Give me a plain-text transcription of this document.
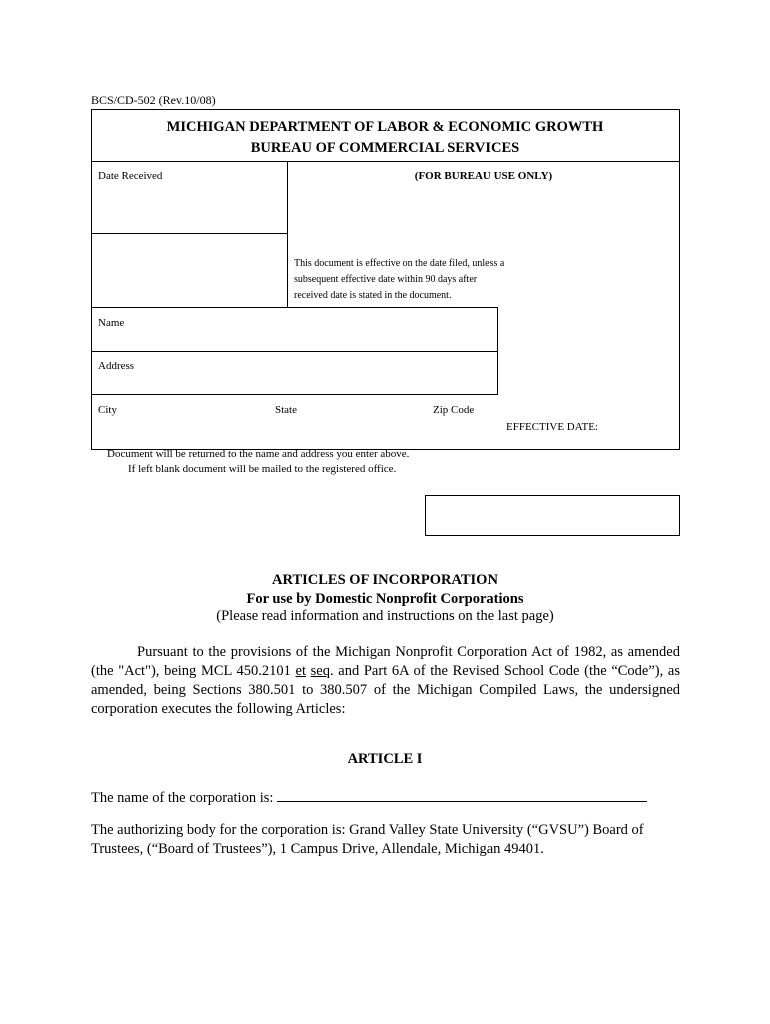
BCS/CD-502 (Rev.10/08)
MICHIGAN DEPARTMENT OF LABOR & ECONOMIC GROWTH
BUREAU OF COMMERCIAL SERVICES
Date Received	(FOR BUREAU USE ONLY)
This document is effective on the date filed, unless a
subsequent effective date within 90 days after
received date is stated in the document.
Name
Address
City	State	Zip Code
EFFECTIVE DATE:
Document will be returned to the name and address you enter above.
If left blank document will be mailed to the registered office.
ARTICLES OF INCORPORATION
For use by Domestic Nonprofit Corporations
(Please read information and instructions on the last page)
Pursuant to the provisions of the Michigan Nonprofit Corporation Act of 1982, as amended (the "Act"), being MCL 450.2101 et seq. and Part 6A of the Revised School Code (the “Code”), as amended, being Sections 380.501 to 380.507 of the Michigan Compiled Laws, the undersigned corporation executes the following Articles:
ARTICLE I
The name of the corporation is:
The authorizing body for the corporation is: Grand Valley State University (“GVSU”) Board of Trustees, (“Board of Trustees”), 1 Campus Drive, Allendale, Michigan 49401.
